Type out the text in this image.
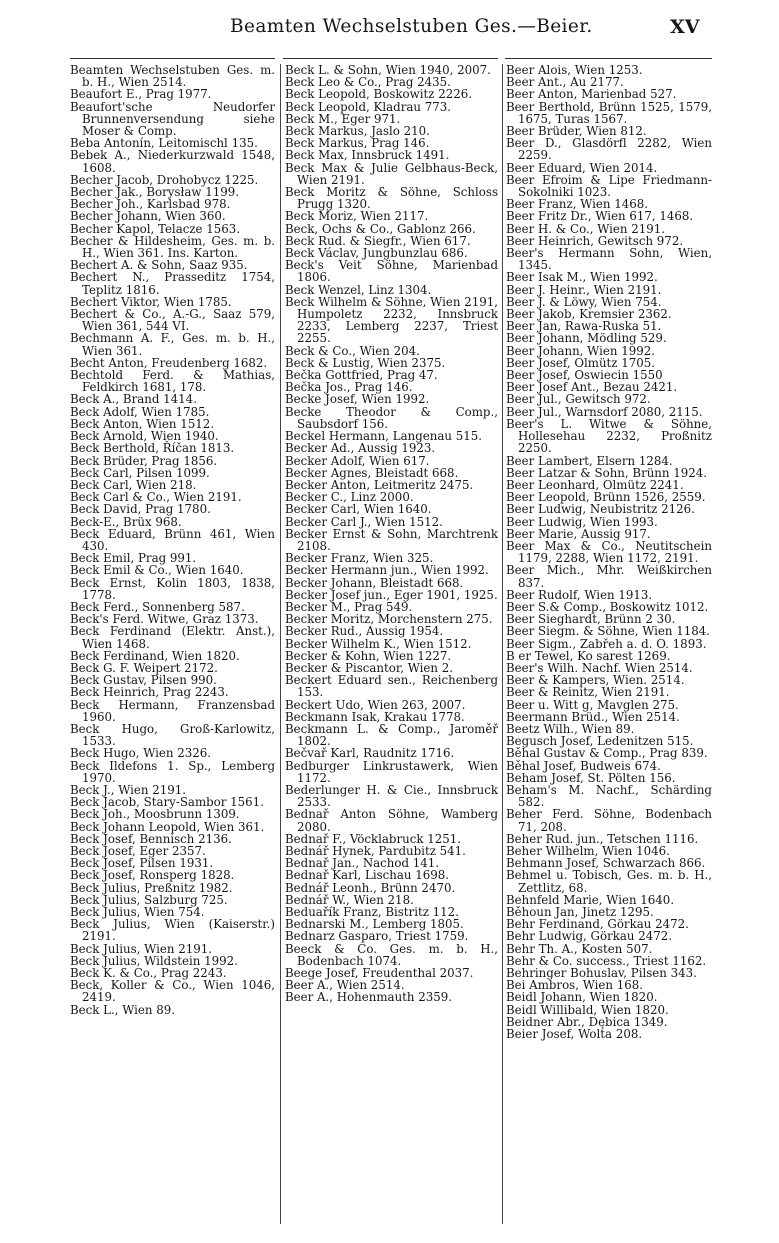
Beamten Wechselstuben Ges.—Beier.	XV

Beamten Wechselstuben Ges. m. b. H., Wien 2514.

Beaufort E., Prag 1977.

Beaufort'sche Neudorfer Brunnenversendung siehe Moser & Comp.

Beba Antonín, Leitomischl 135.

Bebek A., Niederkurzwald 1548, 1608.

Becher Jacob, Drohobycz 1225.

Becher Jak., Borysław 1199.

Becher Joh., Karlsbad 978.

Becher Johann, Wien 360.

Becher Kapol, Telacze 1563.

Becher & Hildesheim, Ges. m. b. H., Wien 361. Ins. Karton.

Bechert A. & Sohn, Saaz 935.

Bechert N., Prasseditz 1754, Teplitz 1816.

Bechert Viktor, Wien 1785.

Bechert & Co., A.-G., Saaz 579, Wien 361, 544 VI.

Bechmann A. F., Ges. m. b. H., Wien 361.

Becht Anton, Freudenberg 1682.

Bechtold Ferd. & Mathias, Feldkirch 1681, 178.

Beck A., Brand 1414.

Beck Adolf, Wien 1785.

Beck Anton, Wien 1512.

Beck Arnold, Wien 1940.

Beck Berthold, Říčan 1813.

Beck Brüder, Prag 1856.

Beck Carl, Pilsen 1099.

Beck Carl, Wien 218.

Beck Carl & Co., Wien 2191.

Beck David, Prag 1780.

Beck-E., Brüx 968.

Beck Eduard, Brünn 461, Wien 430.

Beck Emil, Prag 991.

Beck Emil & Co., Wien 1640.

Beck Ernst, Kolin 1803, 1838, 1778.

Beck Ferd., Sonnenberg 587.

Beck's Ferd. Witwe, Graz 1373.

Beck Ferdinand (Elektr. Anst.), Wien 1468.

Beck Ferdinand, Wien 1820.

Beck G. F. Weipert 2172.

Beck Gustav, Pilsen 990.

Beck Heinrich, Prag 2243.

Beck Hermann, Franzensbad 1960.

Beck Hugo, Groß-Karlowitz, 1533.

Beck Hugo, Wien 2326.

Beck Ildefons 1. Sp., Lemberg 1970.

Beck J., Wien 2191.

Beck Jacob, Stary-Sambor 1561.

Beck Joh., Moosbrunn 1309.

Beck Johann Leopold, Wien 361.

Beck Josef, Bennisch 2136.

Beck Josef, Eger 2357.

Beck Josef, Pilsen 1931.

Beck Josef, Ronsperg 1828.

Beck Julius, Preßnitz 1982.

Beck Julius, Salzburg 725.

Beck Julius, Wien 754.

Beck Julius, Wien (Kaiserstr.) 2191.

Beck Julius, Wien 2191.

Beck Julius, Wildstein 1992.

Beck K. & Co., Prag 2243.

Beck, Koller & Co., Wien 1046, 2419.

Beck L., Wien 89.

Beck L. & Sohn, Wien 1940, 2007.

Beck Leo & Co., Prag 2435.

Beck Leopold, Boskowitz 2226.

Beck Leopold, Kladrau 773.

Beck M., Eger 971.

Beck Markus, Jaslo 210.

Beck Markus, Prag 146.

Beck Max, Innsbruck 1491.

Beck Max & Julie Gelbhaus-Beck, Wien 2191.

Beck Moritz & Söhne, Schloss Prugg 1320.

Beck Moriz, Wien 2117.

Beck, Ochs & Co., Gablonz 266.

Beck Rud. & Siegfr., Wien 617.

Beck Václav, Jungbunzlau 686.

Beck's Veit Söhne, Marienbad 1806.

Beck Wenzel, Linz 1304.

Beck Wilhelm & Söhne, Wien 2191, Humpoletz 2232, Innsbruck 2233, Lemberg 2237, Triest 2255.

Beck & Co., Wien 204.

Beck & Lustig, Wien 2375.

Bečka Gottfried, Prag 47.

Bečka Jos., Prag 146.

Becke Josef, Wien 1992.

Becke Theodor & Comp., Saubsdorf 156.

Beckel Hermann, Langenau 515.

Becker Ad., Aussig 1923.

Becker Adolf, Wien 617.

Becker Agnes, Bleistadt 668.

Becker Anton, Leitmeritz 2475.

Becker C., Linz 2000.

Becker Carl, Wien 1640.

Becker Carl J., Wien 1512.

Becker Ernst & Sohn, Marchtrenk 2108.

Becker Franz, Wien 325.

Becker Hermann jun., Wien 1992.

Becker Johann, Bleistadt 668.

Becker Josef jun., Eger 1901, 1925.

Becker M., Prag 549.

Becker Moritz, Morchenstern 275.

Becker Rud., Aussig 1954.

Becker Wilhelm K., Wien 1512.

Becker & Kohn, Wien 1227.

Becker & Piscantor, Wien 2.

Beckert Eduard sen., Reichenberg 153.

Beckert Udo, Wien 263, 2007.

Beckmann Isak, Krakau 1778.

Beckmann L. & Comp., Jaroměř 1802.

Bečvař Karl, Raudnitz 1716.

Bedburger Linkrustawerk, Wien 1172.

Bederlunger H. & Cie., Innsbruck 2533.

Bednař Anton Söhne, Wamberg 2080.

Bednař F., Vöcklabruck 1251.

Bednář Hynek, Pardubitz 541.

Bednař Jan., Nachod 141.

Bednař Karl, Lischau 1698.

Bednář Leonh., Brünn 2470.

Bednář W., Wien 218.

Beduařík Franz, Bistritz 112.

Bednarski M., Lemberg 1805.

Bednarz Gasparo, Triest 1759.

Beeck & Co. Ges. m. b. H., Bodenbach 1074.

Beege Josef, Freudenthal 2037.

Beer A., Wien 2514.

Beer A., Hohenmauth 2359.

Beer Alois, Wien 1253.

Beer Ant., Au 2177.

Beer Anton, Marienbad 527.

Beer Berthold, Brünn 1525, 1579, 1675, Turas 1567.

Beer Brüder, Wien 812.

Beer D., Glasdörfl 2282, Wien 2259.

Beer Eduard, Wien 2014.

Beer Efroim & Lipe Friedmann-Sokolniki 1023.

Beer Franz, Wien 1468.

Beer Fritz Dr., Wien 617, 1468.

Beer H. & Co., Wien 2191.

Beer Heinrich, Gewitsch 972.

Beer's Hermann Sohn, Wien, 1345.

Beer Isak M., Wien 1992.

Beer J. Heinr., Wien 2191.

Beer J. & Löwy, Wien 754.

Beer Jakob, Kremsier 2362.

Beer Jan, Rawa-Ruska 51.

Beer Johann, Mödling 529.

Beer Johann, Wien 1992.

Beer Josef, Olmütz 1705.

Beer Josef, Oswiecin 1550

Beer Josef Ant., Bezau 2421.

Beer Jul., Gewitsch 972.

Beer Jul., Warnsdorf 2080, 2115.

Beer's L. Witwe & Söhne, Hollesehau 2232, Proßnitz 2250.

Beer Lambert, Elsern 1284.

Beer Latzar & Sohn, Brünn 1924.

Beer Leonhard, Olmütz 2241.

Beer Leopold, Brünn 1526, 2559.

Beer Ludwig, Neubistritz 2126.

Beer Ludwig, Wien 1993.

Beer Marie, Aussig 917.

Beer Max & Co., Neutitschein 1179, 2288, Wien 1172, 2191.

Beer Mich., Mhr. Weißkirchen 837.

Beer Rudolf, Wien 1913.

Beer S.& Comp., Boskowitz 1012.

Beer Sieghardt, Brünn 2 30.

Beer Siegm. & Söhne, Wien 1184.

Beer Sigm., Zabřeh a. d. O. 1893.

B er Tewel, Ko sarest 1269.

Beer's Wilh. Nachf. Wien 2514.

Beer & Kampers, Wien. 2514.

Beer & Reinitz, Wien 2191.

Beer u. Witt g, Mavglen 275.

Beermann Brüd., Wien 2514.

Beetz Wilh., Wien 89.

Begusch Josef, Ledenitzen 515.

Běhal Gustav & Comp., Prag 839.

Běhal Josef, Budweis 674.

Beham Josef, St. Pölten 156.

Beham's M. Nachf., Schärding 582.

Beher Ferd. Söhne, Bodenbach 71, 208.

Beher Rud. jun., Tetschen 1116.

Beher Wilhelm, Wien 1046.

Behmann Josef, Schwarzach 866.

Behmel u. Tobisch, Ges. m. b. H., Zettlitz, 68.

Behnfeld Marie, Wien 1640.

Běhoun Jan, Jinetz 1295.

Behr Ferdinand, Görkau 2472.

Behr Ludwig, Görkau 2472.

Behr Th. A., Kosten 507.

Behr & Co. success., Triest 1162.

Behringer Bohuslav, Pilsen 343.

Bei Ambros, Wien 168.

Beidl Johann, Wien 1820.

Beidl Willibald, Wien 1820.

Beidner Abr., Dębica 1349.

Beier Josef, Wolta 208.
